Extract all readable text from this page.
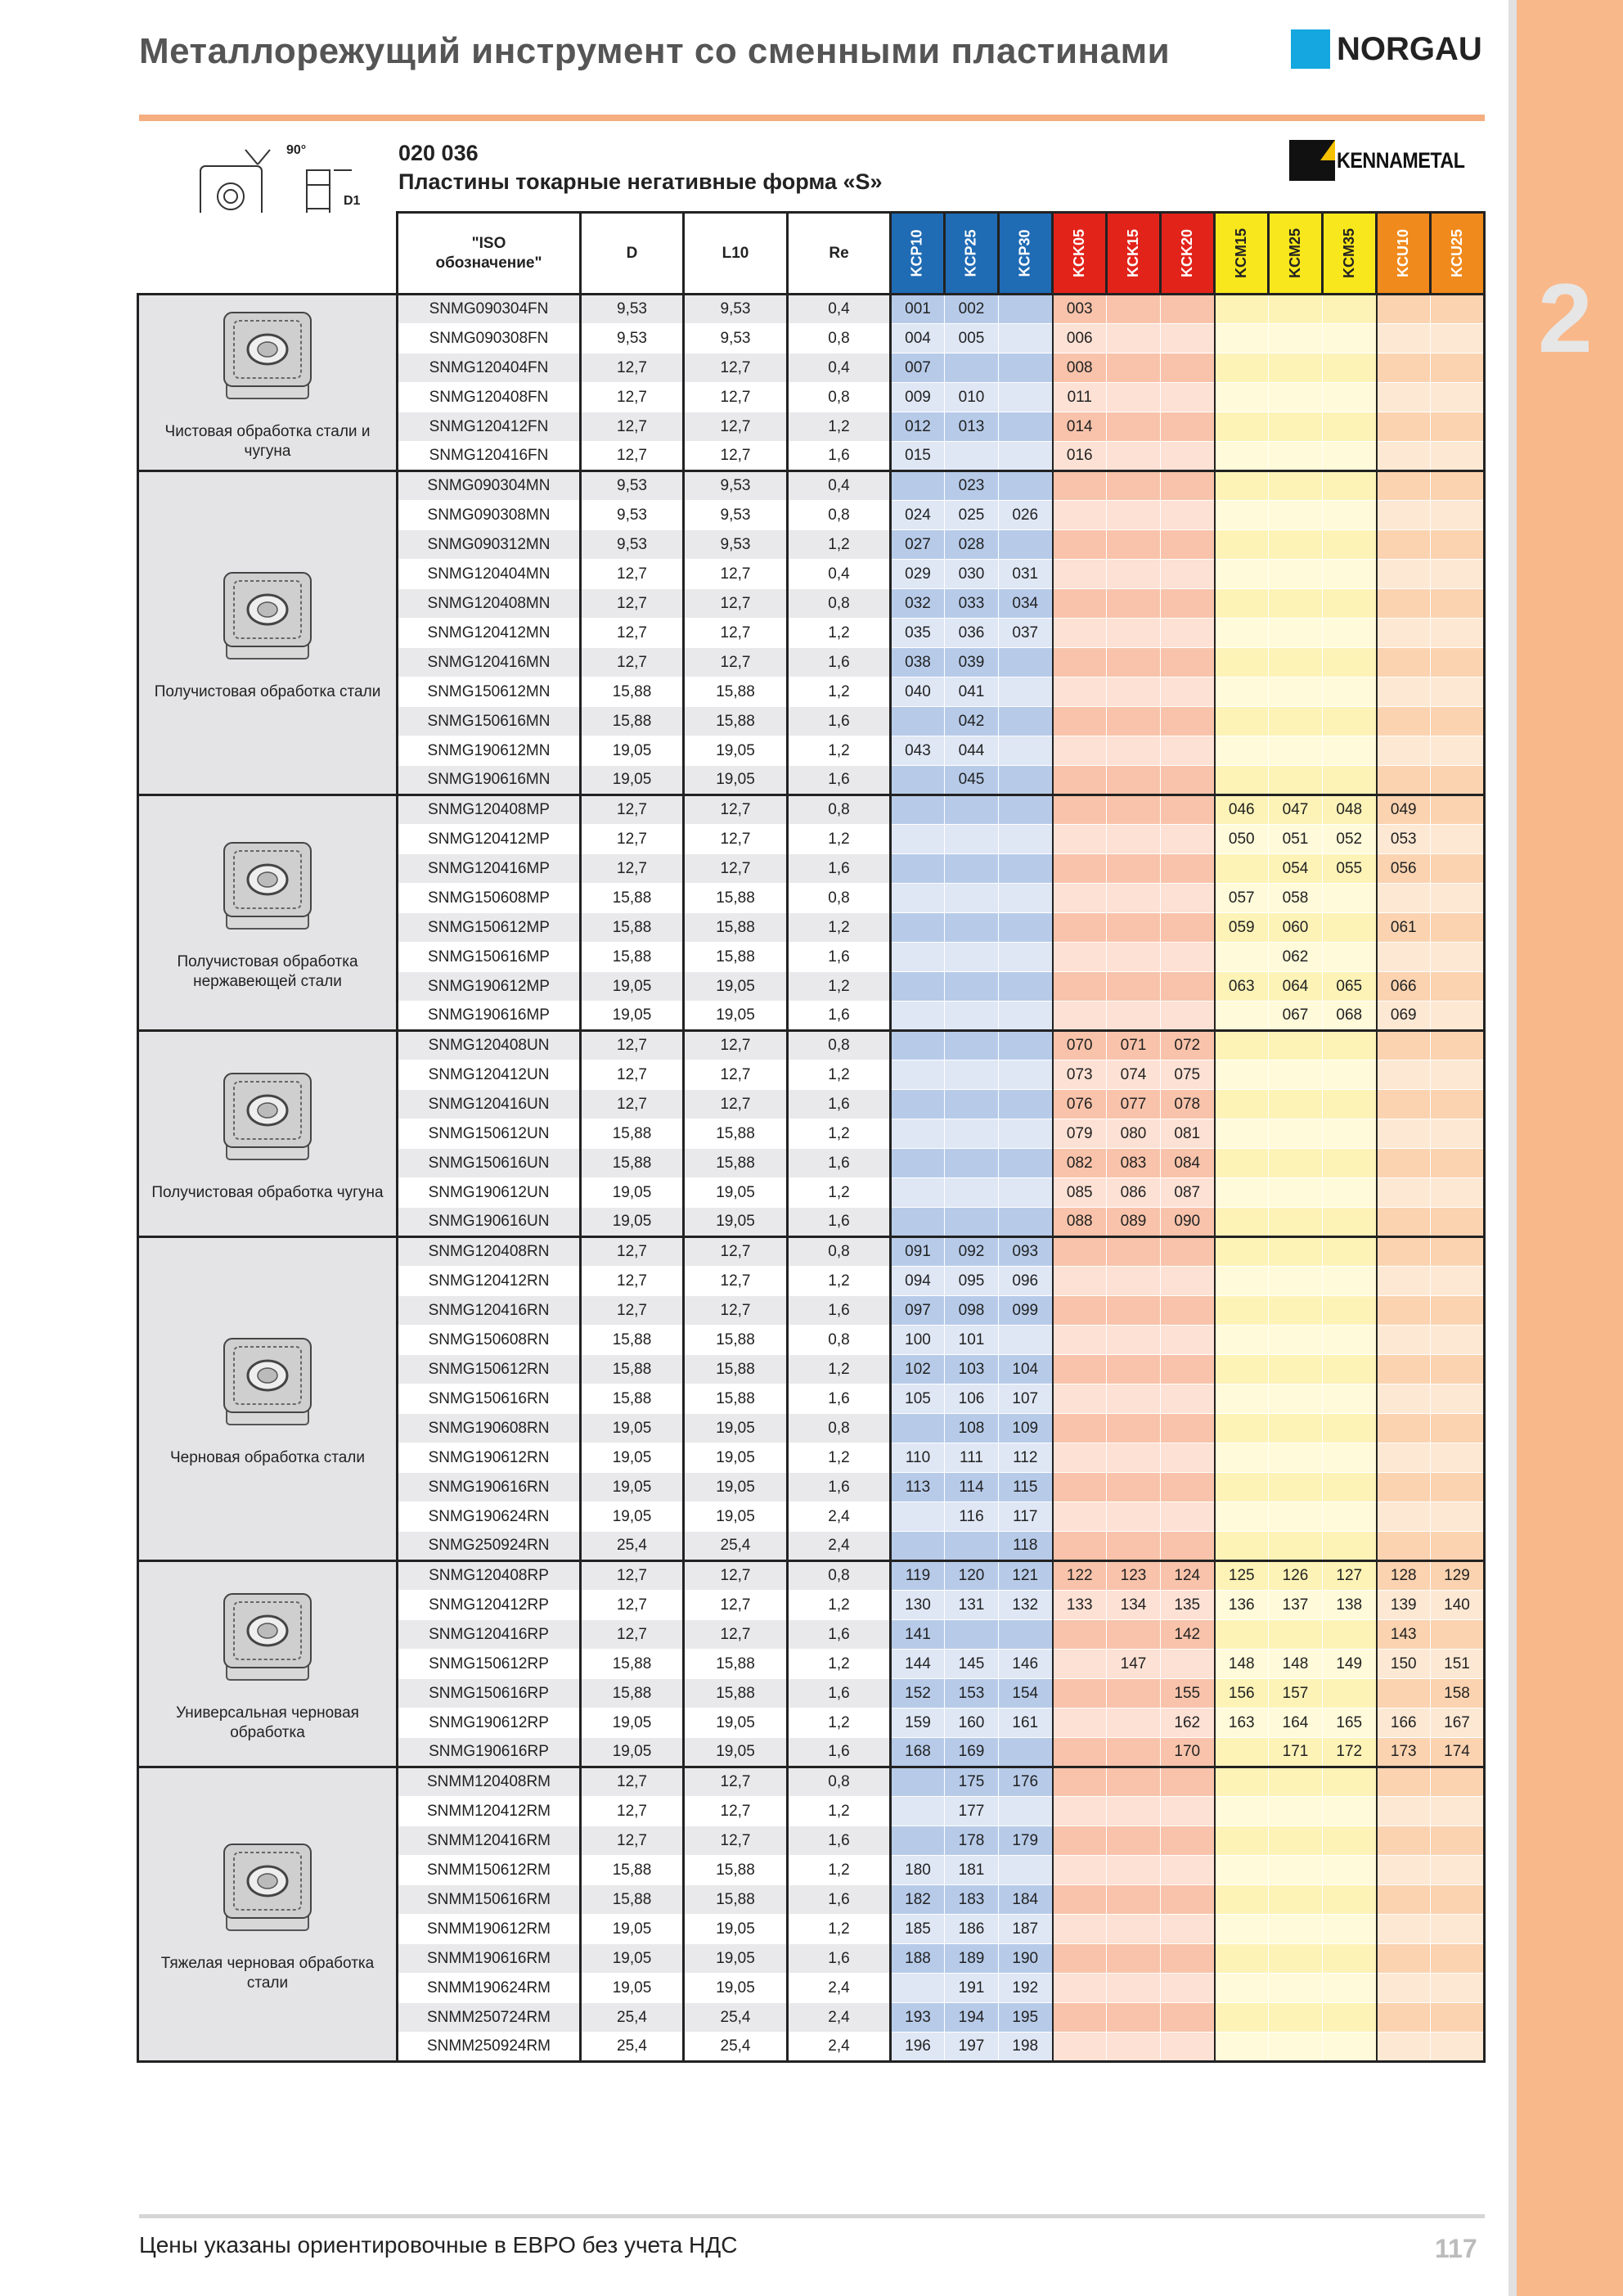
2
Металлорежущий инструмент со сменными пластинами	NORGAU
KENNAMETAL
020 036
Пластины токарные негативные форма «S»
90°
D1

	"ISO
обозначение"	D	L10	Re	KCP10	KCP25	KCP30	KCK05	KCK15	KCK20	KCM15	KCM25	KCM35	KCU10	KCU25

Чистовая обработка стали и чугуна	SNMG090304FN	9,53	9,53	0,4	001	002		003							
	SNMG090308FN	9,53	9,53	0,8	004	005		006							
	SNMG120404FN	12,7	12,7	0,4	007			008							
	SNMG120408FN	12,7	12,7	0,8	009	010		011							
	SNMG120412FN	12,7	12,7	1,2	012	013		014							
	SNMG120416FN	12,7	12,7	1,6	015			016							

Получистовая обработка стали	SNMG090304MN	9,53	9,53	0,4		023									
	SNMG090308MN	9,53	9,53	0,8	024	025	026								
	SNMG090312MN	9,53	9,53	1,2	027	028									
	SNMG120404MN	12,7	12,7	0,4	029	030	031								
	SNMG120408MN	12,7	12,7	0,8	032	033	034								
	SNMG120412MN	12,7	12,7	1,2	035	036	037								
	SNMG120416MN	12,7	12,7	1,6	038	039									
	SNMG150612MN	15,88	15,88	1,2	040	041									
	SNMG150616MN	15,88	15,88	1,6		042									
	SNMG190612MN	19,05	19,05	1,2	043	044									
	SNMG190616MN	19,05	19,05	1,6		045									

Получистовая обработка нержавеющей стали	SNMG120408MP	12,7	12,7	0,8							046	047	048	049	
	SNMG120412MP	12,7	12,7	1,2							050	051	052	053	
	SNMG120416MP	12,7	12,7	1,6								054	055	056	
	SNMG150608MP	15,88	15,88	0,8							057	058			
	SNMG150612MP	15,88	15,88	1,2							059	060		061	
	SNMG150616MP	15,88	15,88	1,6								062			
	SNMG190612MP	19,05	19,05	1,2							063	064	065	066	
	SNMG190616MP	19,05	19,05	1,6								067	068	069	

Получистовая обработка чугуна	SNMG120408UN	12,7	12,7	0,8				070	071	072					
	SNMG120412UN	12,7	12,7	1,2				073	074	075					
	SNMG120416UN	12,7	12,7	1,6				076	077	078					
	SNMG150612UN	15,88	15,88	1,2				079	080	081					
	SNMG150616UN	15,88	15,88	1,6				082	083	084					
	SNMG190612UN	19,05	19,05	1,2				085	086	087					
	SNMG190616UN	19,05	19,05	1,6				088	089	090					

Черновая обработка стали	SNMG120408RN	12,7	12,7	0,8	091	092	093								
	SNMG120412RN	12,7	12,7	1,2	094	095	096								
	SNMG120416RN	12,7	12,7	1,6	097	098	099								
	SNMG150608RN	15,88	15,88	0,8	100	101									
	SNMG150612RN	15,88	15,88	1,2	102	103	104								
	SNMG150616RN	15,88	15,88	1,6	105	106	107								
	SNMG190608RN	19,05	19,05	0,8		108	109								
	SNMG190612RN	19,05	19,05	1,2	110	111	112								
	SNMG190616RN	19,05	19,05	1,6	113	114	115								
	SNMG190624RN	19,05	19,05	2,4		116	117								
	SNMG250924RN	25,4	25,4	2,4			118								

Универсальная черновая обработка	SNMG120408RP	12,7	12,7	0,8	119	120	121	122	123	124	125	126	127	128	129
	SNMG120412RP	12,7	12,7	1,2	130	131	132	133	134	135	136	137	138	139	140
	SNMG120416RP	12,7	12,7	1,6	141					142				143	
	SNMG150612RP	15,88	15,88	1,2	144	145	146		147		148	148	149	150	151
	SNMG150616RP	15,88	15,88	1,6	152	153	154			155	156	157			158
	SNMG190612RP	19,05	19,05	1,2	159	160	161			162	163	164	165	166	167
	SNMG190616RP	19,05	19,05	1,6	168	169				170		171	172	173	174

Тяжелая черновая обработка стали	SNMM120408RM	12,7	12,7	0,8		175	176								
	SNMM120412RM	12,7	12,7	1,2		177									
	SNMM120416RM	12,7	12,7	1,6		178	179								
	SNMM150612RM	15,88	15,88	1,2	180	181									
	SNMM150616RM	15,88	15,88	1,6	182	183	184								
	SNMM190612RM	19,05	19,05	1,2	185	186	187								
	SNMM190616RM	19,05	19,05	1,6	188	189	190								
	SNMM190624RM	19,05	19,05	2,4		191	192								
	SNMM250724RM	25,4	25,4	2,4	193	194	195								
	SNMM250924RM	25,4	25,4	2,4	196	197	198								
Цены указаны ориентировочные в ЕВРО без учета НДС	117
